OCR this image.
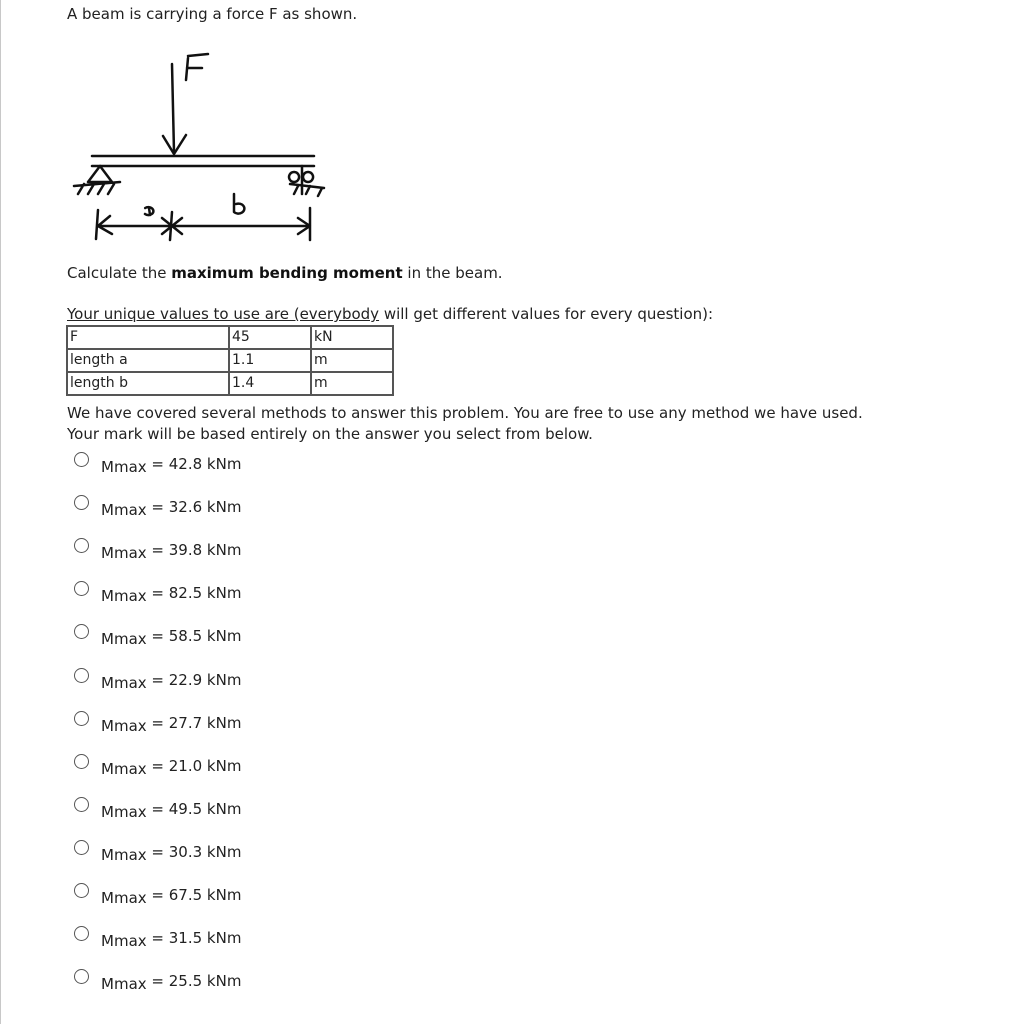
A beam is carrying a force F as shown.
Calculate the maximum bending moment in the beam.
Your unique values to use are (everybody will get different values for every question):
F	45	kN
length a	1.1	m
length b	1.4	m
We have covered several methods to answer this problem. You are free to use any method we have used.
Your mark will be based entirely on the answer you select from below.
Mmax = 42.8 kNm
Mmax = 32.6 kNm
Mmax = 39.8 kNm
Mmax = 82.5 kNm
Mmax = 58.5 kNm
Mmax = 22.9 kNm
Mmax = 27.7 kNm
Mmax = 21.0 kNm
Mmax = 49.5 kNm
Mmax = 30.3 kNm
Mmax = 67.5 kNm
Mmax = 31.5 kNm
Mmax = 25.5 kNm
